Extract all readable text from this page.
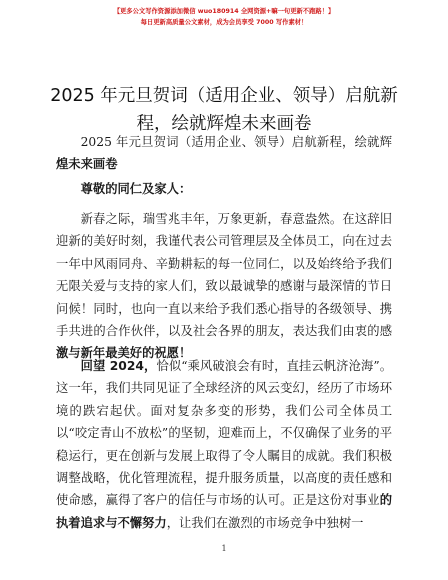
【更多公文写作资源添加微信 wuo180914 全网资源+嘛一句更新不跑路！】
每日更新高质量公文素材，成为会员享受 7000 写作素材！
2025 年元旦贺词（适用企业、领导）启航新程，绘就辉煌未来画卷

2025 年元旦贺词（适用企业、领导）启航新程，绘就辉煌未来画卷

尊敬的同仁及家人：

新春之际，瑞雪兆丰年，万象更新，春意盎然。在这辞旧迎新的美好时刻，我谨代表公司管理层及全体员工，向在过去一年中风雨同舟、辛勤耕耘的每一位同仁，以及始终给予我们无限关爱与支持的家人们，致以最诚挚的感谢与最深情的节日问候！同时，也向一直以来给予我们悉心指导的各级领导、携手共进的合作伙伴，以及社会各界的朋友，表达我们由衷的感激与新年最美好的祝愿！

回望 2024，恰似“乘风破浪会有时，直挂云帆济沧海”。这一年，我们共同见证了全球经济的风云变幻，经历了市场环境的跌宕起伏。面对复杂多变的形势，我们公司全体员工以“咬定青山不放松”的坚韧，迎难而上，不仅确保了业务的平稳运行，更在创新与发展上取得了令人瞩目的成就。我们积极调整战略，优化管理流程，提升服务质量，以高度的责任感和使命感，赢得了客户的信任与市场的认可。正是这份对事业的执着追求与不懈努力，让我们在激烈的市场竞争中独树一

1
